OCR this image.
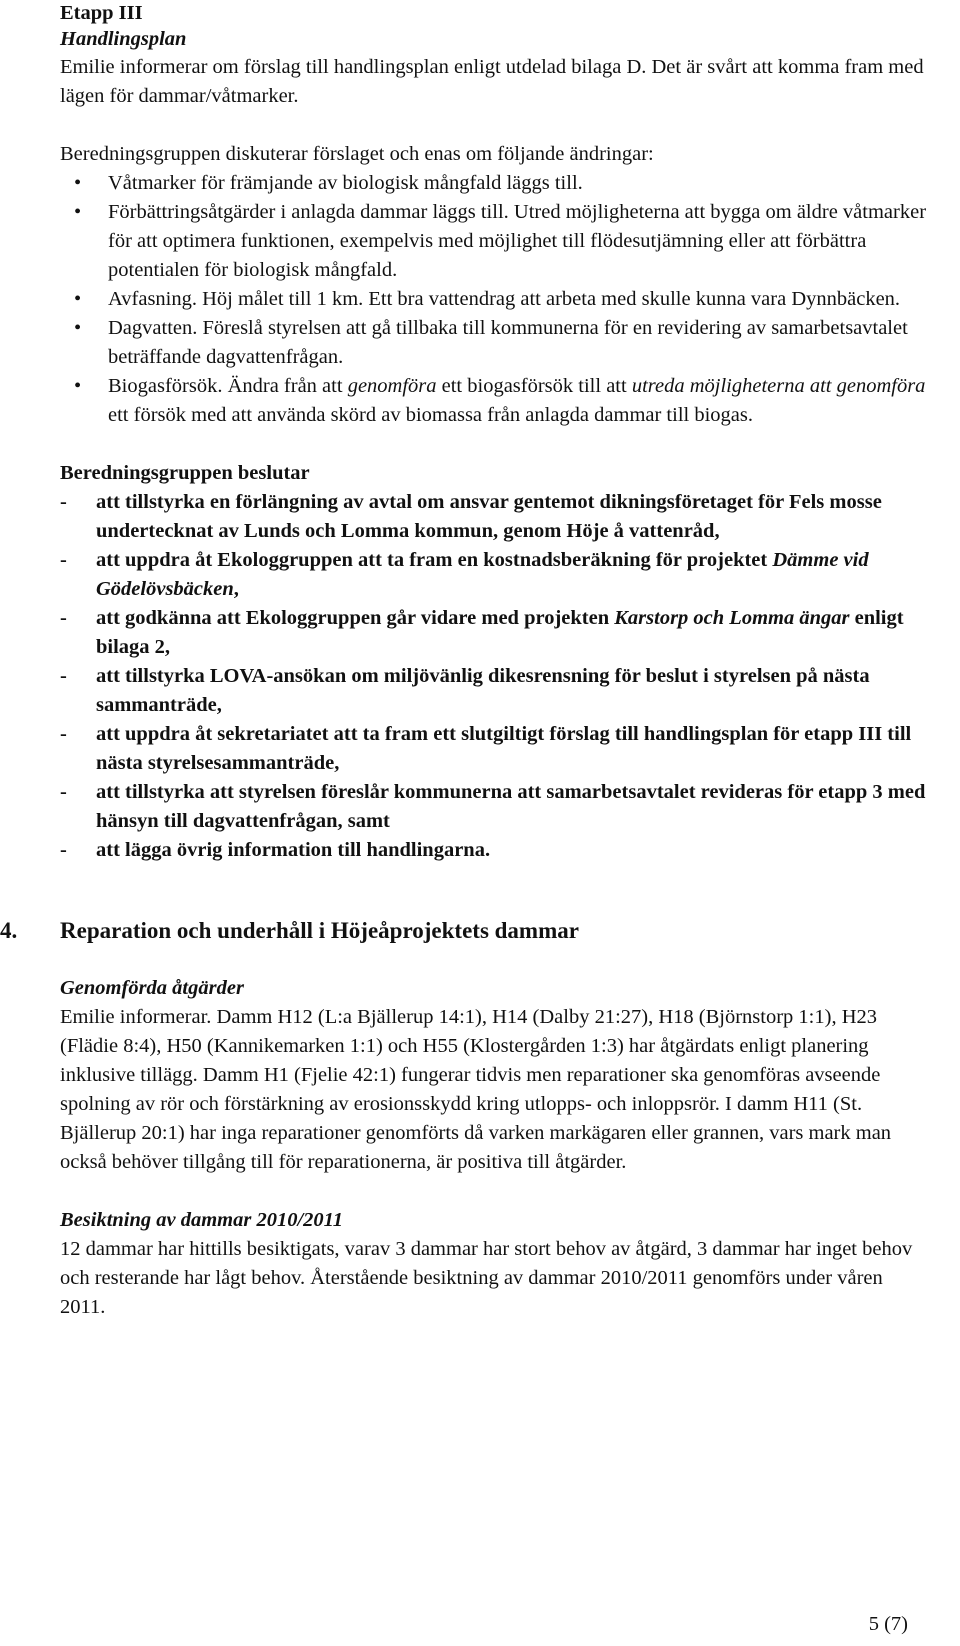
Etapp III

Handlingsplan

Emilie informerar om förslag till handlingsplan enligt utdelad bilaga D. Det är svårt att komma fram med lägen för dammar/våtmarker.

Beredningsgruppen diskuterar förslaget och enas om följande ändringar:

• Våtmarker för främjande av biologisk mångfald läggs till.
• Förbättringsåtgärder i anlagda dammar läggs till. Utred möjligheterna att bygga om äldre våtmarker för att optimera funktionen, exempelvis med möjlighet till flödesutjämning eller att förbättra potentialen för biologisk mångfald.
• Avfasning. Höj målet till 1 km. Ett bra vattendrag att arbeta med skulle kunna vara Dynnbäcken.
• Dagvatten. Föreslå styrelsen att gå tillbaka till kommunerna för en revidering av samarbetsavtalet beträffande dagvattenfrågan.
• Biogasförsök. Ändra från att genomföra ett biogasförsök till att utreda möjligheterna att genomföra ett försök med att använda skörd av biomassa från anlagda dammar till biogas.

Beredningsgruppen beslutar

- att tillstyrka en förlängning av avtal om ansvar gentemot dikningsföretaget för Fels mosse undertecknat av Lunds och Lomma kommun, genom Höje å vattenråd,
- att uppdra åt Ekologgruppen att ta fram en kostnadsberäkning för projektet Dämme vid Gödelövsbäcken,
- att godkänna att Ekologgruppen går vidare med projekten Karstorp och Lomma ängar enligt bilaga 2,
- att tillstyrka LOVA-ansökan om miljövänlig dikesrensning för beslut i styrelsen på nästa sammanträde,
- att uppdra åt sekretariatet att ta fram ett slutgiltigt förslag till handlingsplan för etapp III till nästa styrelsesammanträde,
- att tillstyrka att styrelsen föreslår kommunerna att samarbetsavtalet revideras för etapp 3 med hänsyn till dagvattenfrågan, samt
- att lägga övrig information till handlingarna.
4.	Reparation och underhåll i Höjeåprojektets dammar

Genomförda åtgärder

Emilie informerar. Damm H12 (L:a Bjällerup 14:1), H14 (Dalby 21:27), H18 (Björnstorp 1:1), H23 (Flädie 8:4), H50 (Kannikemarken 1:1) och H55 (Klostergården 1:3) har åtgärdats enligt planering inklusive tillägg. Damm H1 (Fjelie 42:1) fungerar tidvis men reparationer ska genomföras avseende spolning av rör och förstärkning av erosionsskydd kring utlopps- och inloppsrör. I damm H11 (St. Bjällerup 20:1) har inga reparationer genomförts då varken markägaren eller grannen, vars mark man också behöver tillgång till för reparationerna, är positiva till åtgärder.

Besiktning av dammar 2010/2011

12 dammar har hittills besiktigats, varav 3 dammar har stort behov av åtgärd, 3 dammar har inget behov och resterande har lågt behov. Återstående besiktning av dammar 2010/2011 genomförs under våren 2011.

5 (7)
